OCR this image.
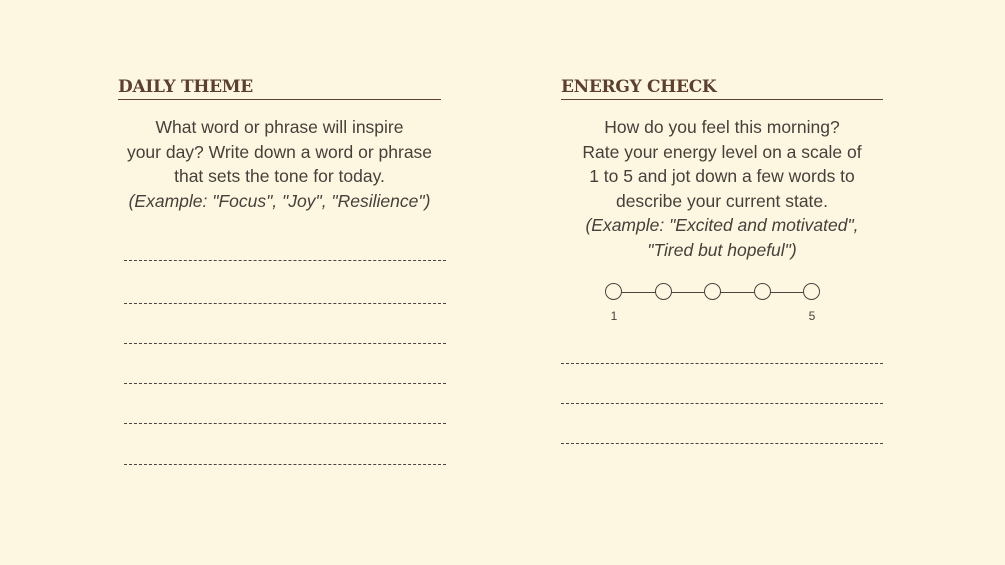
DAILY THEME
What word or phrase will inspire
your day? Write down a word or phrase
that sets the tone for today.
(Example: "Focus", "Joy", "Resilience")
ENERGY CHECK
How do you feel this morning?
Rate your energy level on a scale of
1 to 5 and jot down a few words to
describe your current state.
(Example: "Excited and motivated",
"Tired but hopeful")
1	5
